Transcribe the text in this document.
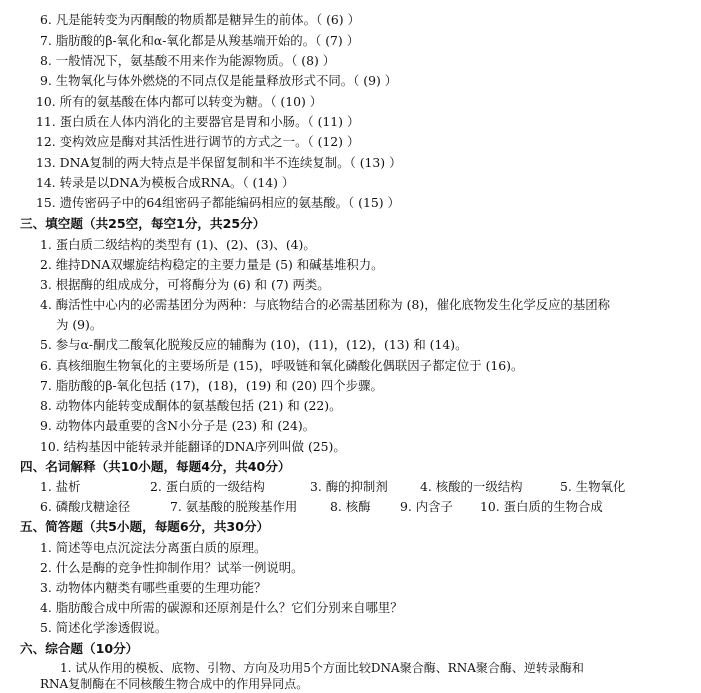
6. 凡是能转变为丙酮酸的物质都是糖异生的前体。（ (6) ）
7. 脂肪酸的β-氧化和α-氧化都是从羧基端开始的。（ (7) ）
8. 一般情况下，氨基酸不用来作为能源物质。（ (8) ）
9. 生物氧化与体外燃烧的不同点仅是能量释放形式不同。（ (9) ）
10. 所有的氨基酸在体内都可以转变为糖。（ (10) ）
11. 蛋白质在人体内消化的主要器官是胃和小肠。（ (11) ）
12. 变构效应是酶对其活性进行调节的方式之一。（ (12) ）
13. DNA复制的两大特点是半保留复制和半不连续复制。（ (13) ）
14. 转录是以DNA为模板合成RNA。（ (14) ）
15. 遗传密码子中的64组密码子都能编码相应的氨基酸。（ (15) ）
三、填空题（共25空，每空1分，共25分）
1. 蛋白质二级结构的类型有 (1)、(2)、(3)、(4)。
2. 维持DNA双螺旋结构稳定的主要力量是 (5) 和碱基堆积力。
3. 根据酶的组成成分，可将酶分为 (6) 和 (7) 两类。
4. 酶活性中心内的必需基团分为两种：与底物结合的必需基团称为 (8)，催化底物发生化学反应的基团称
为 (9)。
5. 参与α-酮戊二酸氧化脱羧反应的辅酶为 (10)，(11)，(12)，(13) 和 (14)。
6. 真核细胞生物氧化的主要场所是 (15)，呼吸链和氧化磷酸化偶联因子都定位于 (16)。
7. 脂肪酸的β-氧化包括 (17)，(18)，(19) 和 (20) 四个步骤。
8. 动物体内能转变成酮体的氨基酸包括 (21) 和 (22)。
9. 动物体内最重要的含N小分子是 (23) 和 (24)。
10. 结构基因中能转录并能翻译的DNA序列叫做 (25)。
四、名词解释（共10小题，每题4分，共40分）
1. 盐析	2. 蛋白质的一级结构	3. 酶的抑制剂	4. 核酸的一级结构	5. 生物氧化
6. 磷酸戊糖途径	7. 氨基酸的脱羧基作用	8. 核酶 9. 内含子 10. 蛋白质的生物合成
五、简答题（共5小题，每题6分，共30分）
1. 简述等电点沉淀法分离蛋白质的原理。
2. 什么是酶的竞争性抑制作用？试举一例说明。
3. 动物体内糖类有哪些重要的生理功能？
4. 脂肪酸合成中所需的碳源和还原剂是什么？它们分别来自哪里？
5. 简述化学渗透假说。
六、综合题（10分）
1. 试从作用的模板、底物、引物、方向及功用5个方面比较DNA聚合酶、RNA聚合酶、逆转录酶和
RNA复制酶在不同核酸生物合成中的作用异同点。
